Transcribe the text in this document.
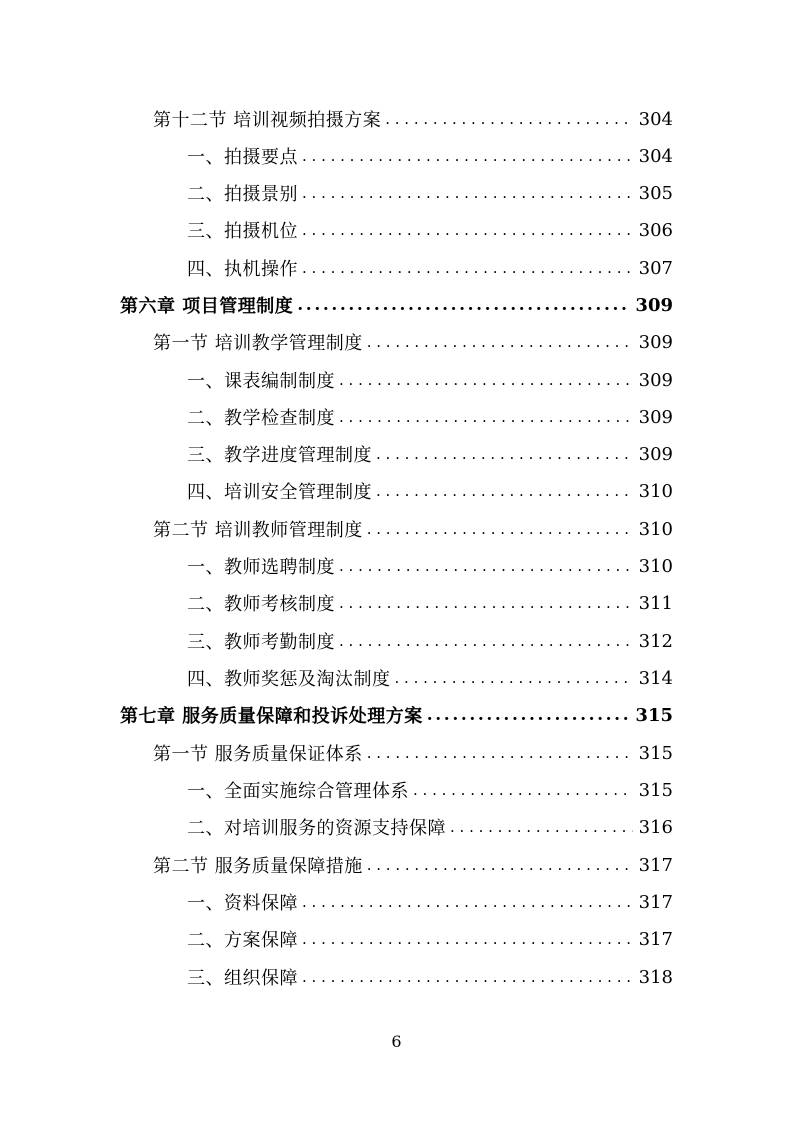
第十二节 培训视频拍摄方案 . . .	304
一、拍摄要点 . . .	304
二、拍摄景别 . . .	305
三、拍摄机位 . . .	306
四、执机操作 . . .	307
第六章 项目管理制度 .....	309
第一节 培训教学管理制度 . . .	309
一、课表编制制度 . . .	309
二、教学检查制度 . . .	309
三、教学进度管理制度 . . .	309
四、培训安全管理制度 . . .	310
第二节 培训教师管理制度 . . .	310
一、教师选聘制度 . . .	310
二、教师考核制度 . . .	311
三、教师考勤制度 . . .	312
四、教师奖惩及淘汰制度 . . .	314
第七章 服务质量保障和投诉处理方案 .....	315
第一节 服务质量保证体系 . . .	315
一、全面实施综合管理体系 . . .	315
二、对培训服务的资源支持保障 . . .	316
第二节 服务质量保障措施 . . .	317
一、资料保障 . . .	317
二、方案保障 . . .	317
三、组织保障 . . .	318
6
